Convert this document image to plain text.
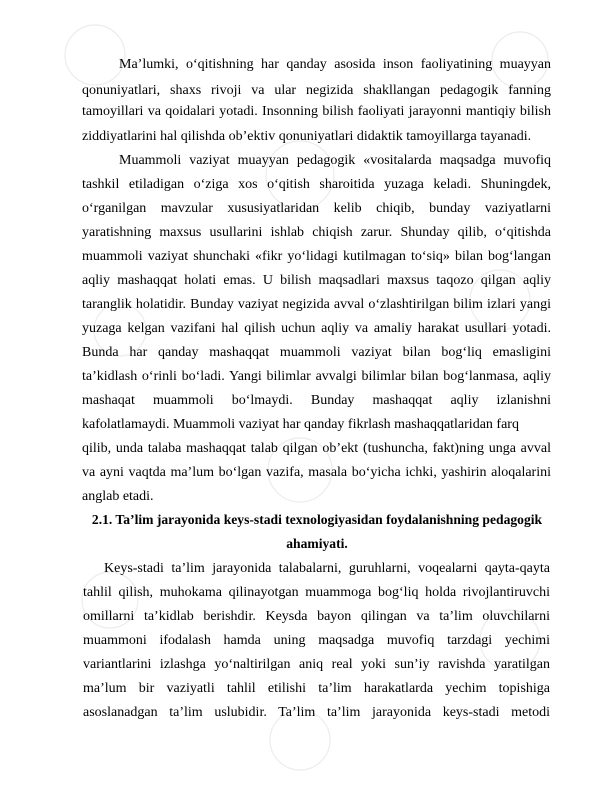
Ma’lumki, o‘qitishning har qanday asosida inson faoliyatining muayyan
qonuniyatlari, shaxs rivoji va ular negizida shakllangan pedagogik fanning
tamoyillari va qoidalari yotadi. Insonning bilish faoliyati jarayonni mantiqiy bilish
ziddiyatlarini hal qilishda ob’ektiv qonuniyatlari didaktik tamoyillarga tayanadi.
Muammoli vaziyat muayyan pedagogik «vositalarda maqsadga muvofiq
tashkil etiladigan o‘ziga xos o‘qitish sharoitida yuzaga keladi. Shuningdek,
o‘rganilgan mavzular xususiyatlaridan kelib chiqib, bunday vaziyatlarni
yaratishning maxsus usullarini ishlab chiqish zarur. Shunday qilib, o‘qitishda
muammoli vaziyat shunchaki «fikr yo‘lidagi kutilmagan to‘siq» bilan bog‘langan
aqliy mashaqqat holati emas. U bilish maqsadlari maxsus taqozo qilgan aqliy
taranglik holatidir. Bunday vaziyat negizida avval o‘zlashtirilgan bilim izlari yangi
yuzaga kelgan vazifani hal qilish uchun aqliy va amaliy harakat usullari yotadi.
Bunda har qanday mashaqqat muammoli vaziyat bilan bog‘liq emasligini
ta’kidlash o‘rinli bo‘ladi. Yangi bilimlar avvalgi bilimlar bilan bog‘lanmasa, aqliy
mashaqat muammoli bo‘lmaydi. Bunday mashaqqat aqliy izlanishni
kafolatlamaydi. Muammoli vaziyat har qanday fikrlash mashaqqatlaridan farq
qilib, unda talaba mashaqqat talab qilgan ob’ekt (tushuncha, fakt)ning unga avval
va ayni vaqtda ma’lum bo‘lgan vazifa, masala bo‘yicha ichki, yashirin aloqalarini
anglab etadi.
2.1. Ta’lim jarayonida keys-stadi texnologiyasidan foydalanishning pedagogik
ahamiyati.
Keys-stadi ta’lim jarayonida talabalarni, guruhlarni, voqealarni qayta-qayta
tahlil qilish, muhokama qilinayotgan muammoga bog‘liq holda rivojlantiruvchi
omillarni ta’kidlab berishdir. Keysda bayon qilingan va ta’lim oluvchilarni
muammoni ifodalash hamda uning maqsadga muvofiq tarzdagi yechimi
variantlarini izlashga yo‘naltirilgan aniq real yoki sun’iy ravishda yaratilgan
ma’lum bir vaziyatli tahlil etilishi ta’lim harakatlarda yechim topishiga
asoslanadgan ta’lim uslubidir. Ta’lim ta’lim jarayonida keys-stadi metodi
